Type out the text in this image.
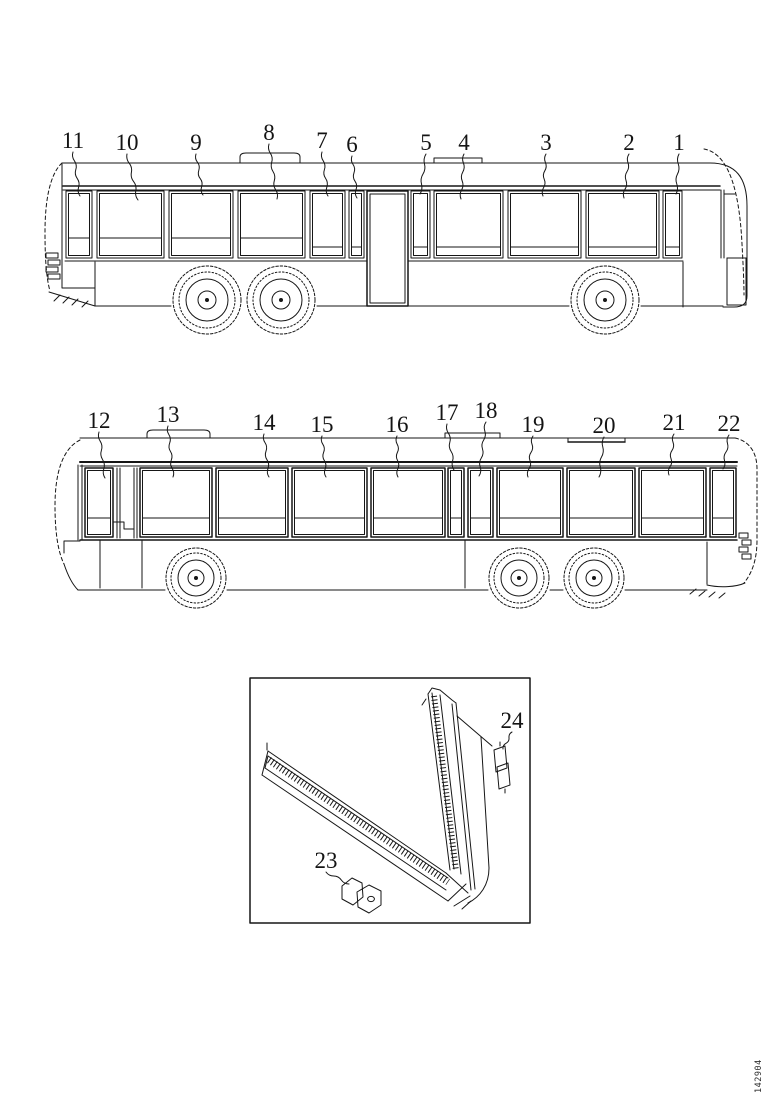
11 10 9	8 7 6	5 4	3	2 1
12 13	14 15 16 17 18
19 20 21 22
23
24
142904
